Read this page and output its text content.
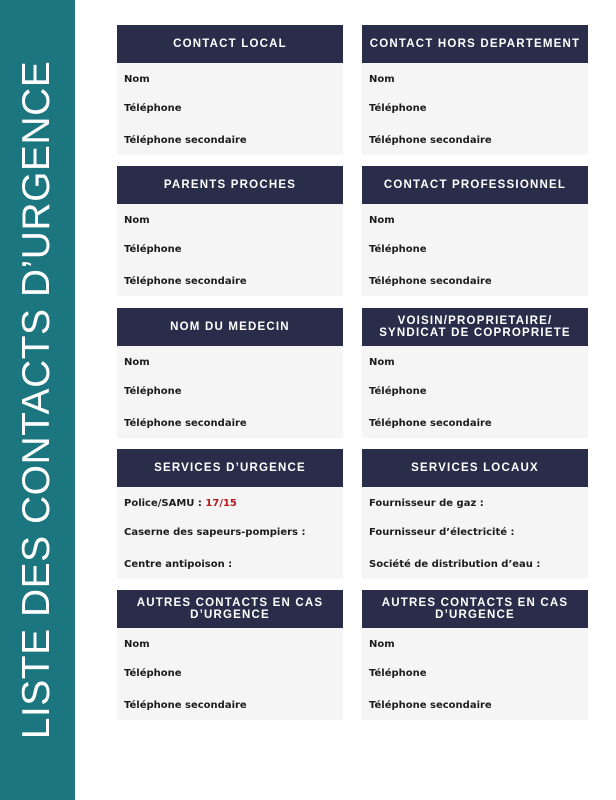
LISTE DES CONTACTS D’URGENCE
CONTACT LOCAL
Nom
Téléphone
Téléphone secondaire
CONTACT HORS DEPARTEMENT
Nom
Téléphone
Téléphone secondaire
PARENTS PROCHES
Nom
Téléphone
Téléphone secondaire
CONTACT PROFESSIONNEL
Nom
Téléphone
Téléphone secondaire
NOM DU MEDECIN
Nom
Téléphone
Téléphone secondaire
VOISIN/PROPRIETAIRE/ SYNDICAT DE COPROPRIETE
Nom
Téléphone
Téléphone secondaire
SERVICES D’URGENCE
Police/SAMU : 17/15
Caserne des sapeurs-pompiers :
Centre antipoison :
SERVICES LOCAUX
Fournisseur de gaz :
Fournisseur d’électricité :
Société de distribution d’eau :
AUTRES CONTACTS EN CAS D’URGENCE
Nom
Téléphone
Téléphone secondaire
AUTRES CONTACTS EN CAS D’URGENCE
Nom
Téléphone
Téléphone secondaire
